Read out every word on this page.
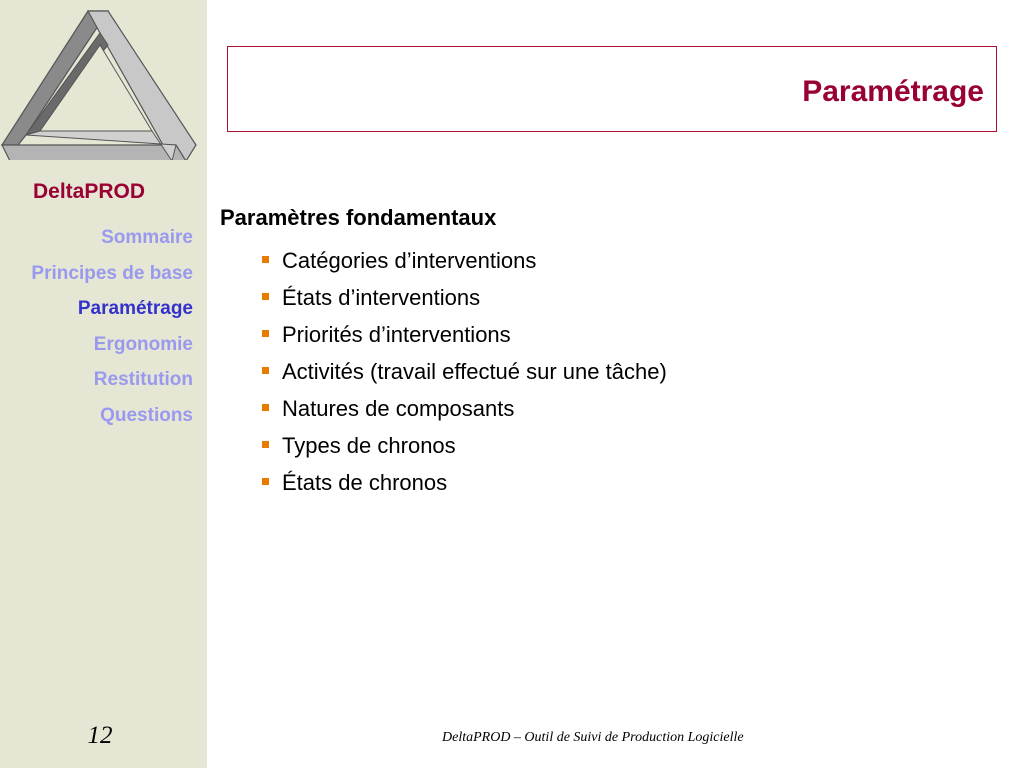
DeltaPROD
Sommaire
Principes de base
Paramétrage
Ergonomie
Restitution
Questions
12
Paramétrage
Paramètres fondamentaux
Catégories d’interventions
États d’interventions
Priorités d’interventions
Activités (travail effectué sur une tâche)
Natures de composants
Types de chronos
États de chronos
DeltaPROD – Outil de Suivi de Production Logicielle
